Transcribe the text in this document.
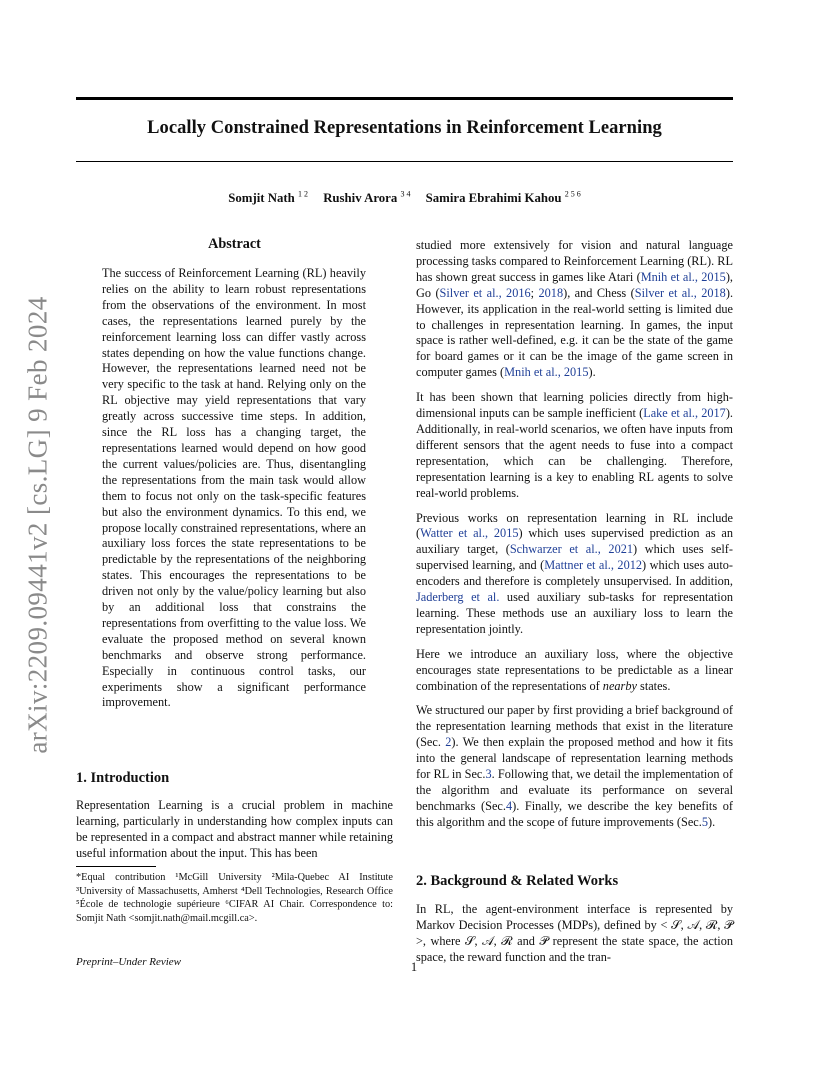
arXiv:2209.09441v2 [cs.LG] 9 Feb 2024
Locally Constrained Representations in Reinforcement Learning
Somjit Nath $^{1 2}$ Rushiv Arora $^{3 4}$ Samira Ebrahimi Kahou $^{2 5 6}$
Abstract
The success of Reinforcement Learning (RL) heavily relies on the ability to learn robust representations from the observations of the environment. In most cases, the representations learned purely by the reinforcement learning loss can differ vastly across states depending on how the value functions change. However, the representations learned need not be very specific to the task at hand. Relying only on the RL objective may yield representations that vary greatly across successive time steps. In addition, since the RL loss has a changing target, the representations learned would depend on how good the current values/policies are. Thus, disentangling the representations from the main task would allow them to focus not only on the task-specific features but also the environment dynamics. To this end, we propose locally constrained representations, where an auxiliary loss forces the state representations to be predictable by the representations of the neighboring states. This encourages the representations to be driven not only by the value/policy learning but also by an additional loss that constrains the representations from overfitting to the value loss. We evaluate the proposed method on several known benchmarks and observe strong performance. Especially in continuous control tasks, our experiments show a significant performance improvement.
1. Introduction
Representation Learning is a crucial problem in machine learning, particularly in understanding how complex inputs can be represented in a compact and abstract manner while retaining useful information about the input. This has been
*Equal contribution ¹McGill University ²Mila-Quebec AI Institute ³University of Massachusetts, Amherst ⁴Dell Technologies, Research Office ⁵École de technologie supérieure ⁶CIFAR AI Chair. Correspondence to: Somjit Nath <somjit.nath@mail.mcgill.ca>.
Preprint–Under Review

studied more extensively for vision and natural language processing tasks compared to Reinforcement Learning (RL). RL has shown great success in games like Atari (Mnih et al., 2015), Go (Silver et al., 2016; 2018), and Chess (Silver et al., 2018). However, its application in the real-world setting is limited due to challenges in representation learning. In games, the input space is rather well-defined, e.g. it can be the state of the game for board games or it can be the image of the game screen in computer games (Mnih et al., 2015).

It has been shown that learning policies directly from high-dimensional inputs can be sample inefficient (Lake et al., 2017). Additionally, in real-world scenarios, we often have inputs from different sensors that the agent needs to fuse into a compact representation, which can be challenging. Therefore, representation learning is a key to enabling RL agents to solve real-world problems.

Previous works on representation learning in RL include (Watter et al., 2015) which uses supervised prediction as an auxiliary target, (Schwarzer et al., 2021) which uses self-supervised learning, and (Mattner et al., 2012) which uses auto-encoders and therefore is completely unsupervised. In addition, Jaderberg et al. used auxiliary sub-tasks for representation learning. These methods use an auxiliary loss to learn the representation jointly.

Here we introduce an auxiliary loss, where the objective encourages state representations to be predictable as a linear combination of the representations of nearby states.

We structured our paper by first providing a brief background of the representation learning methods that exist in the literature (Sec. 2). We then explain the proposed method and how it fits into the general landscape of representation learning methods for RL in Sec.3. Following that, we detail the implementation of the algorithm and evaluate its performance on several benchmarks (Sec.4). Finally, we describe the key benefits of this algorithm and the scope of future improvements (Sec.5).

2. Background & Related Works
In RL, the agent-environment interface is represented by Markov Decision Processes (MDPs), defined by < 𝒮, 𝒜, ℛ, 𝒫 >, where 𝒮, 𝒜, ℛ and 𝒫 represent the state space, the action space, the reward function and the tran-
1
